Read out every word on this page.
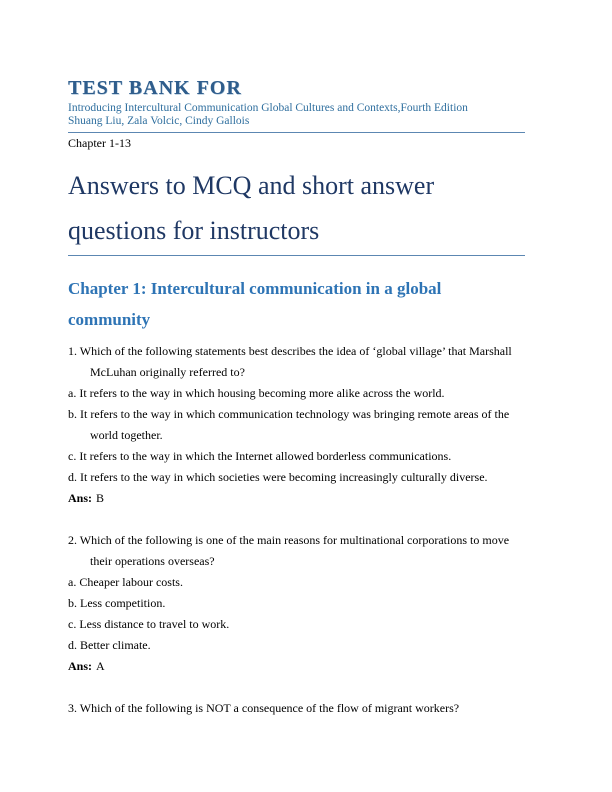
TEST BANK FOR
Introducing Intercultural Communication Global Cultures and Contexts,Fourth Edition
Shuang Liu, Zala Volcic, Cindy Gallois
Chapter 1-13
Answers to MCQ and short answer
questions for instructors
Chapter 1: Intercultural communication in a global
community
1. Which of the following statements best describes the idea of ‘global village’ that Marshall
McLuhan originally referred to?
a. It refers to the way in which housing becoming more alike across the world.
b. It refers to the way in which communication technology was bringing remote areas of the
world together.
c. It refers to the way in which the Internet allowed borderless communications.
d. It refers to the way in which societies were becoming increasingly culturally diverse.
Ans: B
2. Which of the following is one of the main reasons for multinational corporations to move
their operations overseas?
a. Cheaper labour costs.
b. Less competition.
c. Less distance to travel to work.
d. Better climate.
Ans: A
3. Which of the following is NOT a consequence of the flow of migrant workers?
